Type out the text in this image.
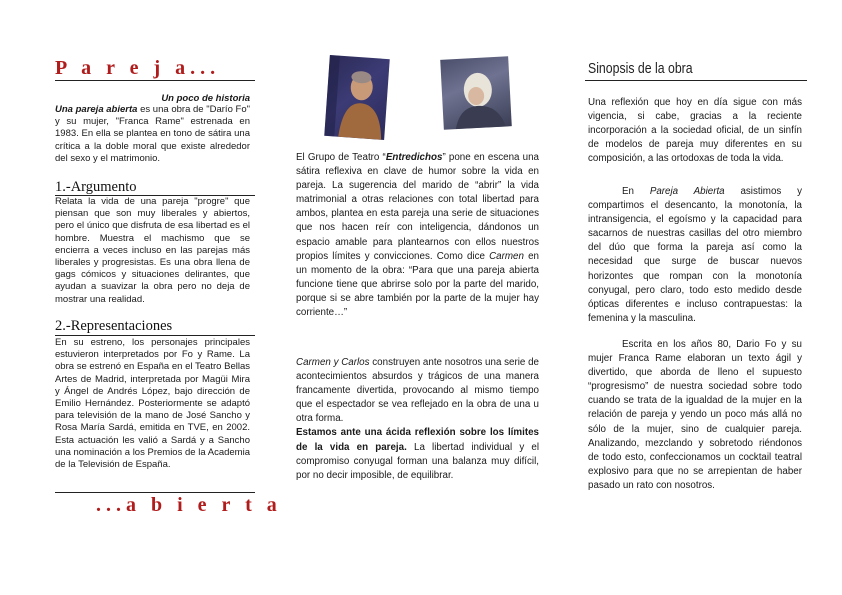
P a r e j a...
Un poco de historia
Una pareja abierta es una obra de "Darío Fo" y su mujer, "Franca Rame" estrenada en 1983. En ella se plantea en tono de sátira una crítica a la doble moral que existe alrededor del sexo y el matrimonio.
1.-Argumento
Relata la vida de una pareja "progre" que piensan que son muy liberales y abiertos, pero el único que disfruta de esa libertad es el hombre. Muestra el machismo que se encierra a veces incluso en las parejas más liberales y progresistas. Es una obra llena de gags cómicos y situaciones delirantes, que ayudan a suavizar la obra pero no deja de mostrar una realidad.
2.-Representaciones
En su estreno, los personajes principales estuvieron interpretados por Fo y Rame. La obra se estrenó en España en el Teatro Bellas Artes de Madrid, interpretada por Magüi Mira y Ángel de Andrés López, bajo dirección de Emilio Hernández. Posteriormente se adaptó para televisión de la mano de José Sancho y Rosa María Sardá, emitida en TVE, en 2002. Esta actuación les valió a Sardá y a Sancho una nominación a los Premios de la Academia de la Televisión de España.
...a b i e r t a
El Grupo de Teatro “Entredichos” pone en escena una sátira reflexiva en clave de humor sobre la vida en pareja. La sugerencia del marido de “abrir” la vida matrimonial a otras relaciones con total libertad para ambos, plantea en esta pareja una serie de situaciones que nos hacen reír con inteligencia, dándonos un espacio amable para plantearnos con ellos nuestros propios límites y convicciones. Como dice Carmen en un momento de la obra: “Para que una pareja abierta funcione tiene que abrirse solo por la parte del marido, porque si se abre también por la parte de la mujer hay corriente…”
Carmen y Carlos construyen ante nosotros una serie de acontecimientos absurdos y trágicos de una manera francamente divertida, provocando al mismo tiempo que el espectador se vea reflejado en la obra de una u otra forma.
Estamos ante una ácida reflexión sobre los límites de la vida en pareja. La libertad individual y el compromiso conyugal forman una balanza muy difícil, por no decir imposible, de equilibrar.
Sinopsis de la obra
Una reflexión que hoy en día sigue con más vigencia, si cabe, gracias a la reciente incorporación a la sociedad oficial, de un sinfín de modelos de pareja muy diferentes en su composición, a las ortodoxas de toda la vida.
En Pareja Abierta asistimos y compartimos el desencanto, la monotonía, la intransigencia, el egoísmo y la capacidad para sacarnos de nuestras casillas del otro miembro del dúo que forma la pareja así como la necesidad que surge de buscar nuevos horizontes que rompan con la monotonía conyugal, pero claro, todo esto medido desde ópticas diferentes e incluso contrapuestas: la femenina y la masculina.
Escrita en los años 80, Dario Fo y su mujer Franca Rame elaboran un texto ágil y divertido, que aborda de lleno el supuesto “progresismo” de nuestra sociedad sobre todo cuando se trata de la igualdad de la mujer en la relación de pareja y yendo un poco más allá no sólo de la mujer, sino de cualquier pareja. Analizando, mezclando y sobretodo riéndonos de todo esto, confeccionamos un cocktail teatral explosivo para que no se arrepientan de haber pasado un rato con nosotros.
